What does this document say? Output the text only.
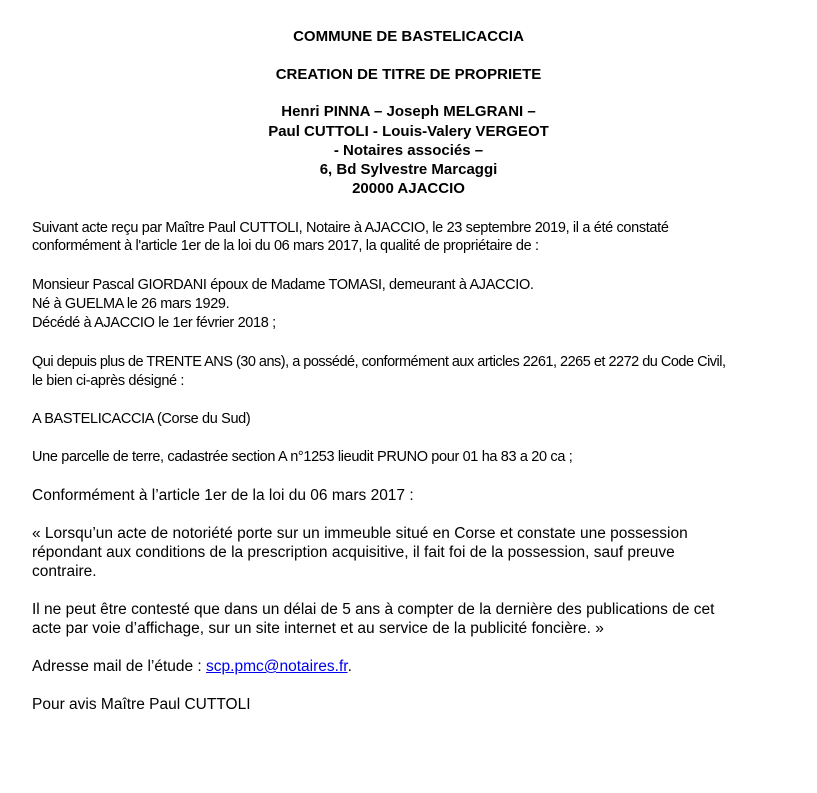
COMMUNE DE BASTELICACCIA
CREATION DE TITRE DE PROPRIETE
Henri PINNA – Joseph MELGRANI –
Paul CUTTOLI - Louis-Valery VERGEOT
- Notaires associés –
6, Bd Sylvestre Marcaggi
20000 AJACCIO
Suivant acte reçu par Maître Paul CUTTOLI, Notaire à AJACCIO, le 23 septembre 2019, il a été constaté
conformément à l'article 1er de la loi du 06 mars 2017, la qualité de propriétaire de :
Monsieur Pascal GIORDANI époux de Madame TOMASI, demeurant à AJACCIO.
Né à GUELMA le 26 mars 1929.
Décédé à AJACCIO le 1er février 2018 ;
Qui depuis plus de TRENTE ANS (30 ans), a possédé, conformément aux articles 2261, 2265 et 2272 du Code Civil,
le bien ci-après désigné :
A BASTELICACCIA (Corse du Sud)
Une parcelle de terre, cadastrée section A n°1253 lieudit PRUNO pour 01 ha 83 a 20 ca ;
Conformément à l’article 1er de la loi du 06 mars 2017 :
« Lorsqu’un acte de notoriété porte sur un immeuble situé en Corse et constate une possession
répondant aux conditions de la prescription acquisitive, il fait foi de la possession, sauf preuve
contraire.
Il ne peut être contesté que dans un délai de 5 ans à compter de la dernière des publications de cet
acte par voie d’affichage, sur un site internet et au service de la publicité foncière. »
Adresse mail de l’étude : scp.pmc@notaires.fr.
Pour avis Maître Paul CUTTOLI
